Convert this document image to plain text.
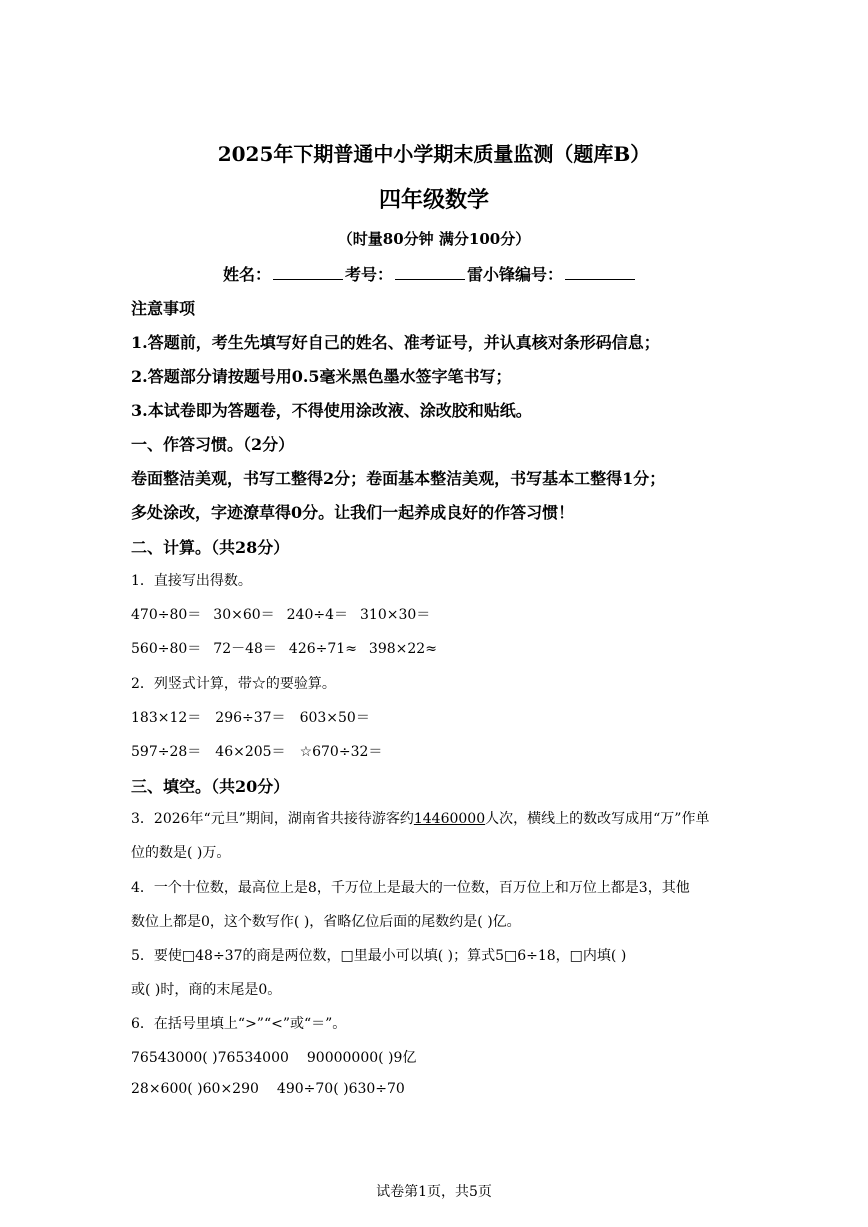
2025年下期普通中小学期末质量监测（题库B）
四年级数学
（时量80分钟 满分100分）
姓名：	考号：	雷小锋编号：
注意事项
1.答题前，考生先填写好自己的姓名、准考证号，并认真核对条形码信息；
2.答题部分请按题号用0.5毫米黑色墨水签字笔书写；
3.本试卷即为答题卷，不得使用涂改液、涂改胶和贴纸。
一、作答习惯。（2分）
卷面整洁美观，书写工整得2分；卷面基本整洁美观，书写基本工整得1分；
多处涂改，字迹潦草得0分。让我们一起养成良好的作答习惯！
二、计算。（共28分）
1．直接写出得数。
470÷80＝ 30×60＝ 240÷4＝ 310×30＝
560÷80＝ 72－48＝ 426÷71≈ 398×22≈
2．列竖式计算，带☆的要验算。
183×12＝ 296÷37＝ 603×50＝
597÷28＝ 46×205＝ ☆670÷32＝
三、填空。（共20分）
3．2026年“元旦”期间，湖南省共接待游客约14460000人次，横线上的数改写成用“万”作单
位的数是( )万。
4．一个十位数，最高位上是8，千万位上是最大的一位数，百万位上和万位上都是3，其他
数位上都是0，这个数写作( )，省略亿位后面的尾数约是( )亿。
5．要使□48÷37的商是两位数，□里最小可以填( )；算式5□6÷18，□内填( )
或( )时，商的末尾是0。
6．在括号里填上“>”“<”或“＝”。
76543000( )76534000 90000000( )9亿
28×600( )60×290 490÷70( )630÷70
试卷第1页，共5页
